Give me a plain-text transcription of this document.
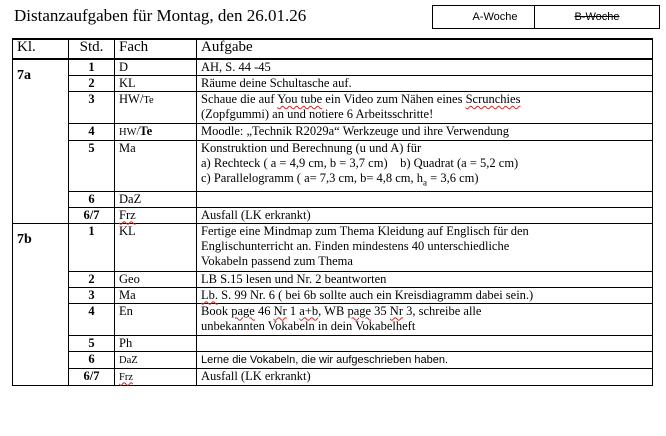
Distanzaufgaben für Montag, den 26.01.26	A-Woche	B-Woche
Kl.	Std.	Fach	Aufgabe
7a	1	D	AH, S. 44 -45
	2	KL	Räume deine Schultasche auf.
	3	HW/Te	Schaue die auf You tube ein Video zum Nähen eines Scrunchies
(Zopfgummi) an und notiere 6 Arbeitsschritte!

	4	HW/Te	Moodle: „Technik R2029a“ Werkzeuge und ihre Verwendung
	5	Ma	Konstruktion und Berechnung (u und A) für
a) Rechteck ( a = 4,9 cm, b = 3,7 cm)    b) Quadrat (a = 5,2 cm)
c) Parallelogramm ( a= 7,3 cm, b= 4,8 cm, $h_a = 3,6$ cm)

	6	DaZ	
	6/7	Frz	Ausfall (LK erkrankt)
7b	1	KL	Fertige eine Mindmap zum Thema Kleidung auf Englisch für den
Englischunterricht an. Finden mindestens 40 unterschiedliche
Vokabeln passend zum Thema

	2	Geo	LB S.15 lesen und Nr. 2 beantworten
	3	Ma	Lb. S. 99 Nr. 6 ( bei 6b sollte auch ein Kreisdiagramm dabei sein.)
	4	En	Book page 46 Nr 1 a+b, WB page 35 Nr 3, schreibe alle
unbekannten Vokabeln in dein Vokabelheft

	5	Ph	
	6	DaZ	Lerne die Vokabeln, die wir aufgeschrieben haben.
	6/7	Frz	Ausfall (LK erkrankt)
